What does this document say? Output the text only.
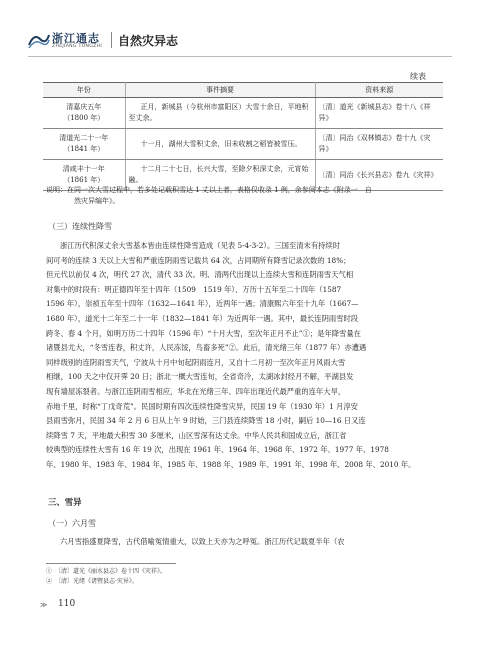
浙江通志
ZHEJIANG TONGZHI 自然灾异志
续表
年份	事件摘要	资料来源

清嘉庆五年
（1800 年）	正月，新城县（今杭州市富阳区）大雪十余日，平地积至丈余。	〔清〕道光《新城县志》卷十八《祥异》

清道光二十一年
（1841 年）	十一月，湖州大雪积丈余，旧未收割之稻皆被雪压。	〔清〕同治《双林镇志》卷十九《灾异》

清咸丰十一年
（1861 年）	十二月二十七日，长兴大雪，至除夕积深丈余，元宵始融。	〔清〕同治《长兴县志》卷九《灾祥》
说明：在同一次大雪过程中，若多处记载积雪达 1 丈以上者，表格仅收录 1 例，余参阅本志《附录一　自
然灾异编年》。
（三）连续性降雪
浙江历代积深丈余大雪基本皆由连续性降雪造成（见表 5-4-3-2）。三国至清末有持续时
间可考的连续 3 天以上大雪和严重连阴雨雪记载共 64 次，占同期所有降雪记录次数的 18%；
但元代以前仅 4 次，明代 27 次，清代 33 次。明、清两代出现以上连续大雪和连阴雨雪天气相
对集中的时段有：明正德四年至十四年（1509　1519 年）、万历十五年至二十四年（1587
1596 年），崇祯五年至十四年（1632—1641 年），近两年一遇；清康熙六年至十九年（1667—
1680 年），道光十二年至二十一年（1832—1841 年）为近两年一遇。其中，最长连阴雨雪时段
跨冬、春 4 个月，如明万历二十四年（1596 年）“十月大雪，至次年正月不止”①；是年降雪量在
诸暨县尤大，“冬雪连春，积丈许，人民冻馁，鸟畜多死”②。此后，清光绪三年（1877 年）亦遭遇
同样级别的连阴雨雪天气，宁波从十月中旬起阴雨连月，又自十二月初一至次年正月风雨大雪
相继，100 天之中仅开霁 20 日；浙北一概大雪连旬，全省奇冷，太湖冰封经月不解，平湖县发
现有墙屋冻裂者。与浙江连阴雨雪相应，华北在光绪三年、四年出现近代最严重的连年大旱，
赤地千里，时称“丁戊奇荒”。民国时期有四次连续性降雪灾异，民国 19 年（1930 年）1 月淳安
县雨雪弥月，民国 34 年 2 月 6 日从上午 9 时始，三门县连续降雪 18 小时，嗣后 10—16 日又连
续降雪 7 天，平地最大积雪 30 多厘米，山区雪深有达丈余。中华人民共和国成立后，浙江省
较典型的连续性大雪有 16 年 19 次，出现在 1961 年、1964 年、1968 年、1972 年、1977 年、1978
年、1980 年、1983 年、1984 年、1985 年、1988 年、1989 年、1991 年、1998 年、2008 年、2010 年。
三、雪异
（一）六月雪
六月雪指盛夏降雪，古代借喻冤情重大，以致上天亦为之呼冤。浙江历代记载夏半年（农
①　〔清〕道光《丽水县志》卷十四《灾祥》。
②　〔清〕光绪《诸暨县志·灾异》。
≫ 110
